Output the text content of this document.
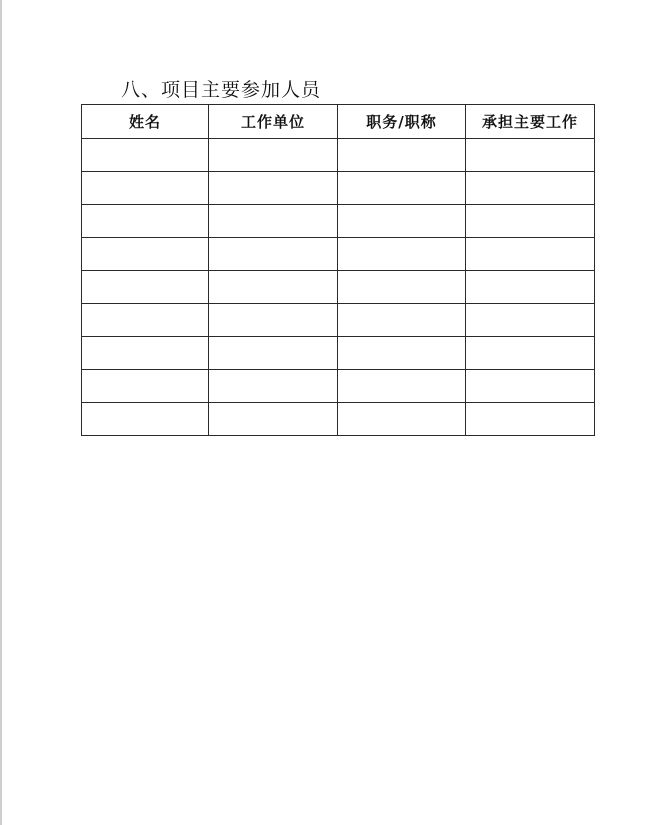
八、项目主要参加人员
姓名	工作单位	职务/职称	承担主要工作
